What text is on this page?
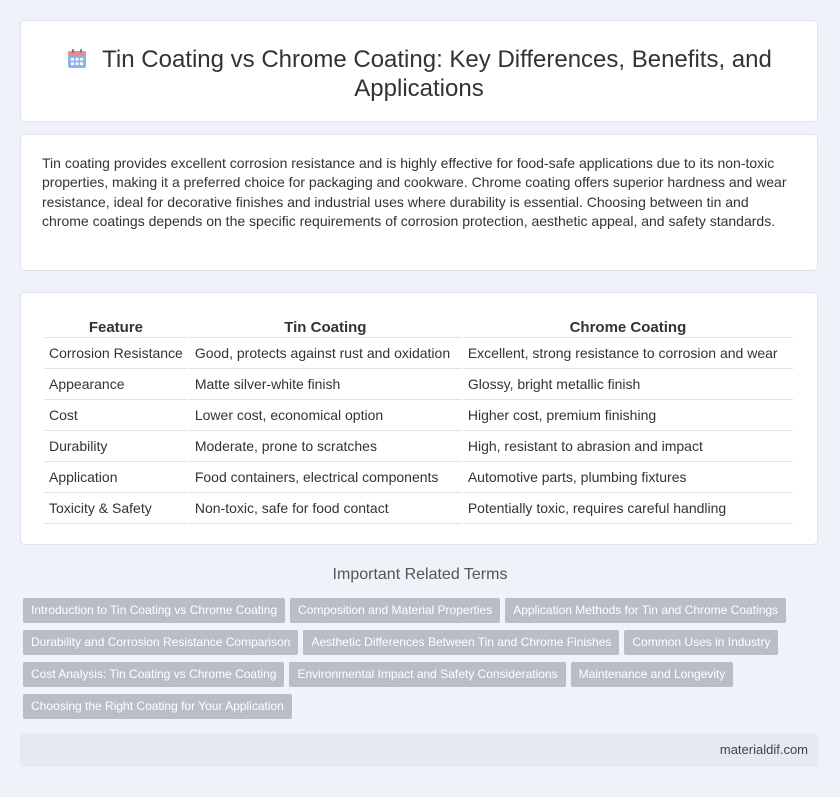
Tin Coating vs Chrome Coating: Key Differences, Benefits, and Applications
Tin coating provides excellent corrosion resistance and is highly effective for food-safe applications due to its non-toxic properties, making it a preferred choice for packaging and cookware. Chrome coating offers superior hardness and wear resistance, ideal for decorative finishes and industrial uses where durability is essential. Choosing between tin and chrome coatings depends on the specific requirements of corrosion protection, aesthetic appeal, and safety standards.
Feature	Tin Coating	Chrome Coating
Corrosion Resistance	Good, protects against rust and oxidation	Excellent, strong resistance to corrosion and wear
Appearance	Matte silver-white finish	Glossy, bright metallic finish
Cost	Lower cost, economical option	Higher cost, premium finishing
Durability	Moderate, prone to scratches	High, resistant to abrasion and impact
Application	Food containers, electrical components	Automotive parts, plumbing fixtures
Toxicity & Safety	Non-toxic, safe for food contact	Potentially toxic, requires careful handling
Important Related Terms
Introduction to Tin Coating vs Chrome Coating	Composition and Material Properties	Application Methods for Tin and Chrome Coatings
Durability and Corrosion Resistance Comparison	Aesthetic Differences Between Tin and Chrome Finishes	Common Uses in Industry
Cost Analysis: Tin Coating vs Chrome Coating	Environmental Impact and Safety Considerations	Maintenance and Longevity
Choosing the Right Coating for Your Application
materialdif.com
